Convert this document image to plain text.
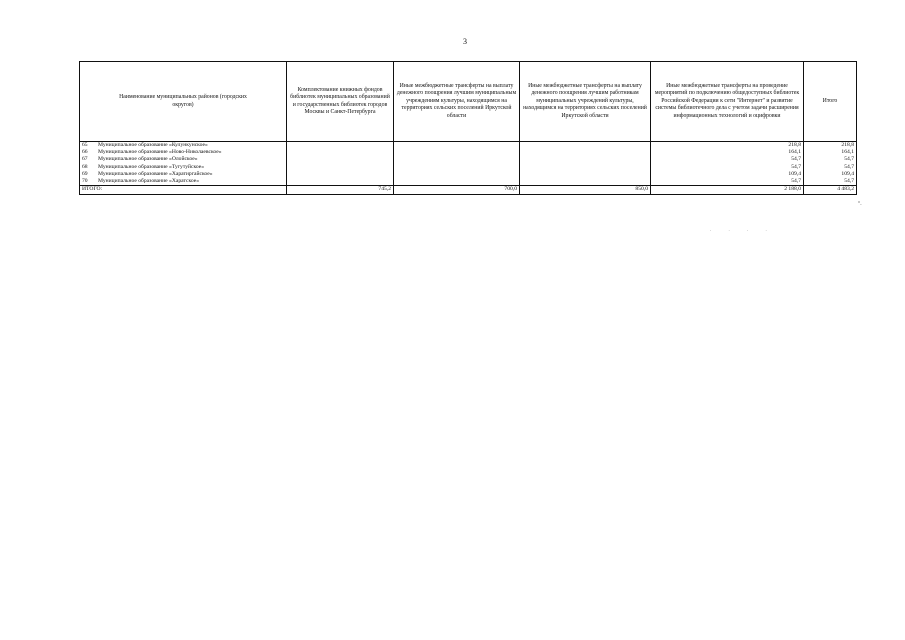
3
Наименование муниципальных районов (городских округов)	Комплектование книжных фондов библиотек муниципальных образований и государственных библиотек городов Москвы и Санкт-Петербурга	Иные межбюджетные трансферты на выплату денежного поощрения лучшим муниципальным учреждениям культуры, находящимся на территориях сельских поселений Иркутской области	Иные межбюджетные трансферты на выплату денежного поощрения лучшим работникам муниципальных учреждений культуры, находящимся на территориях сельских поселений Иркутской области	Иные межбюджетные трансферты на проведение мероприятий по подключению общедоступных библиотек Российской Федерации к сети "Интернет" и развитие системы библиотечного дела с учетом задачи расширения информационных технологий и оцифровки	Итого
65 Муниципальное образование «Кулункунское»				218,8	218,8
66 Муниципальное образование «Ново-Николаевское»				164,1	164,1
67 Муниципальное образование «Олойское»				54,7	54,7
68 Муниципальное образование «Тугутуйское»				54,7	54,7
69 Муниципальное образование «Харатиргайское»				109,4	109,4
70 Муниципальное образование «Харатское»				54,7	54,7
ИТОГО:	745,2	700,0	850,0	2 188,0	4 483,2
".
. . . .
